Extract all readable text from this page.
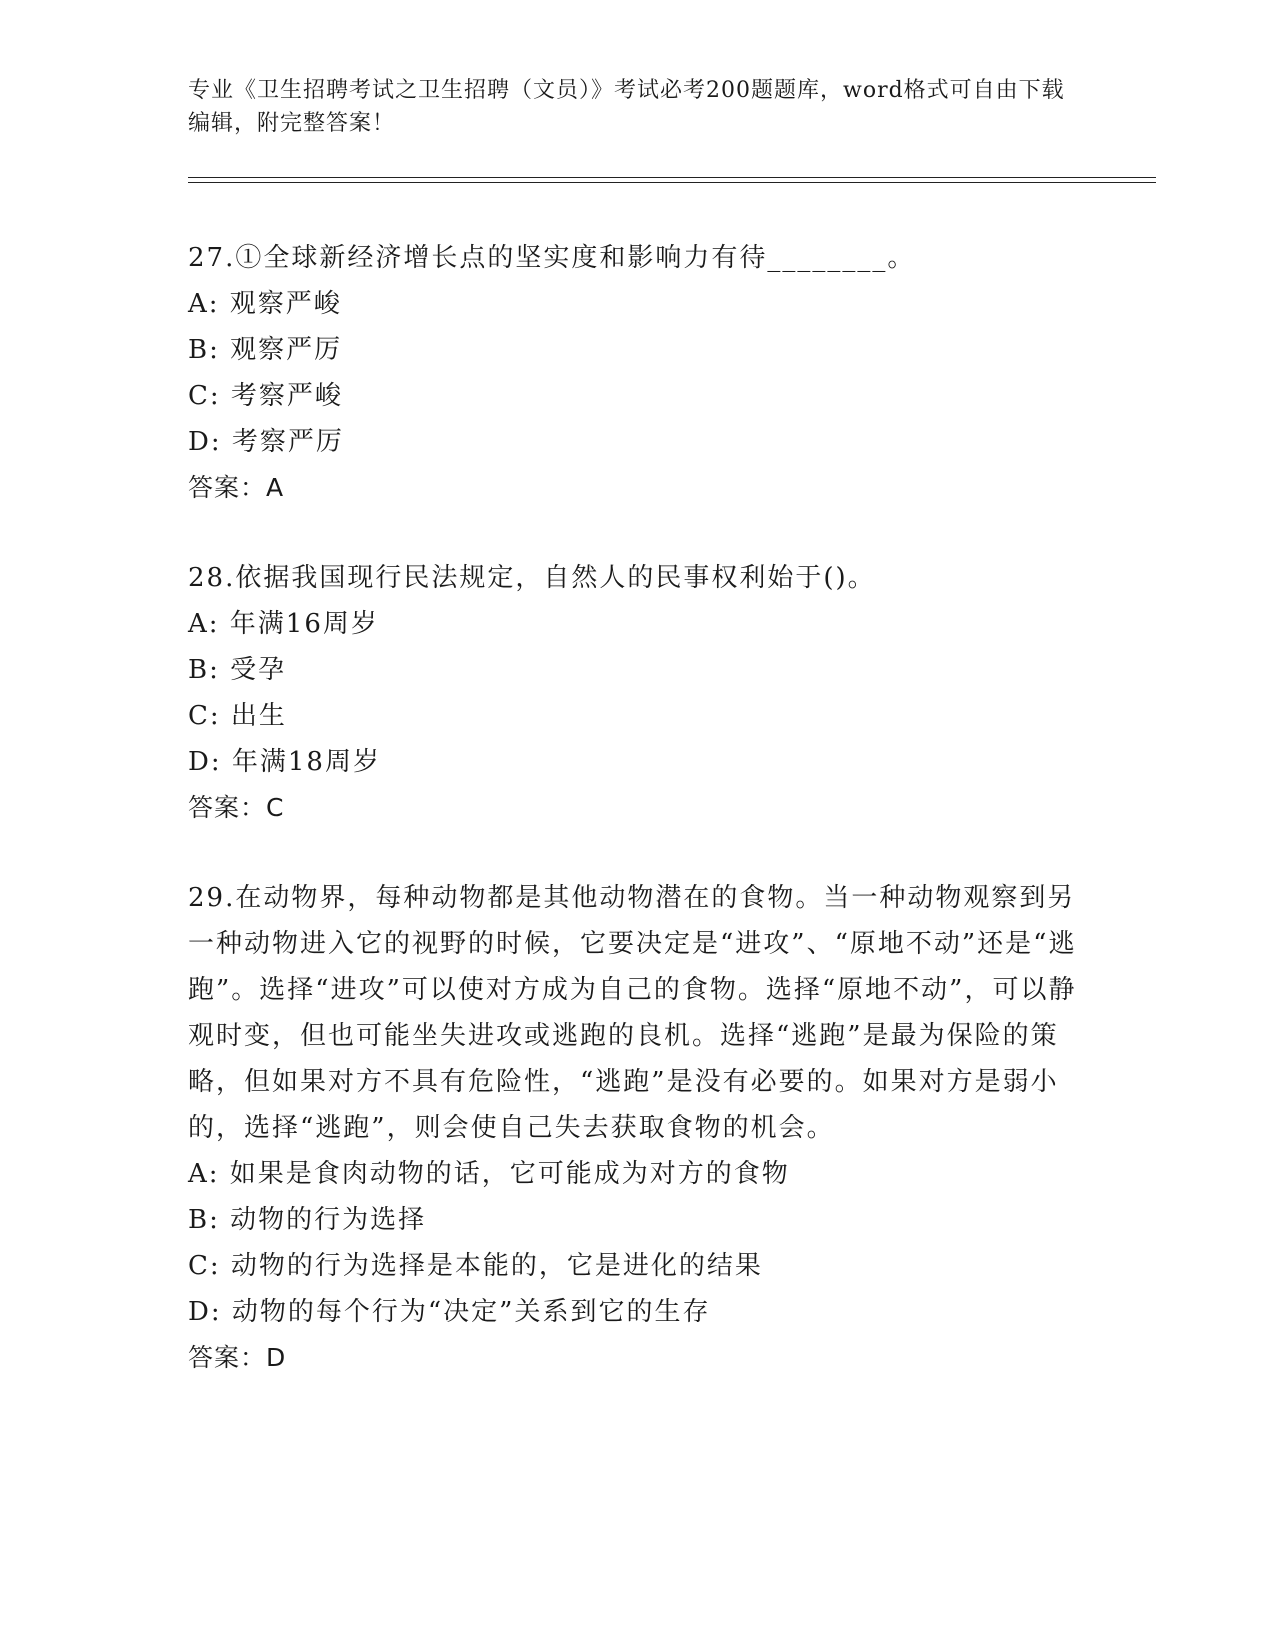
专业《卫生招聘考试之卫生招聘（文员）》考试必考200题题库，word格式可自由下载编辑，附完整答案！

27.①全球新经济增长点的坚实度和影响力有待________。

A: 观察严峻

B: 观察严厉

C: 考察严峻

D: 考察严厉

答案：A

28.依据我国现行民法规定，自然人的民事权利始于()。

A: 年满16周岁

B: 受孕

C: 出生

D: 年满18周岁

答案：C

29.在动物界，每种动物都是其他动物潜在的食物。当一种动物观察到另一种动物进入它的视野的时候，它要决定是“进攻”、“原地不动”还是“逃跑”。选择“进攻”可以使对方成为自己的食物。选择“原地不动”，可以静观时变，但也可能坐失进攻或逃跑的良机。选择“逃跑”是最为保险的策略，但如果对方不具有危险性，“逃跑”是没有必要的。如果对方是弱小的，选择“逃跑”，则会使自己失去获取食物的机会。

A: 如果是食肉动物的话，它可能成为对方的食物

B: 动物的行为选择

C: 动物的行为选择是本能的，它是进化的结果

D: 动物的每个行为“决定”关系到它的生存

答案：D
